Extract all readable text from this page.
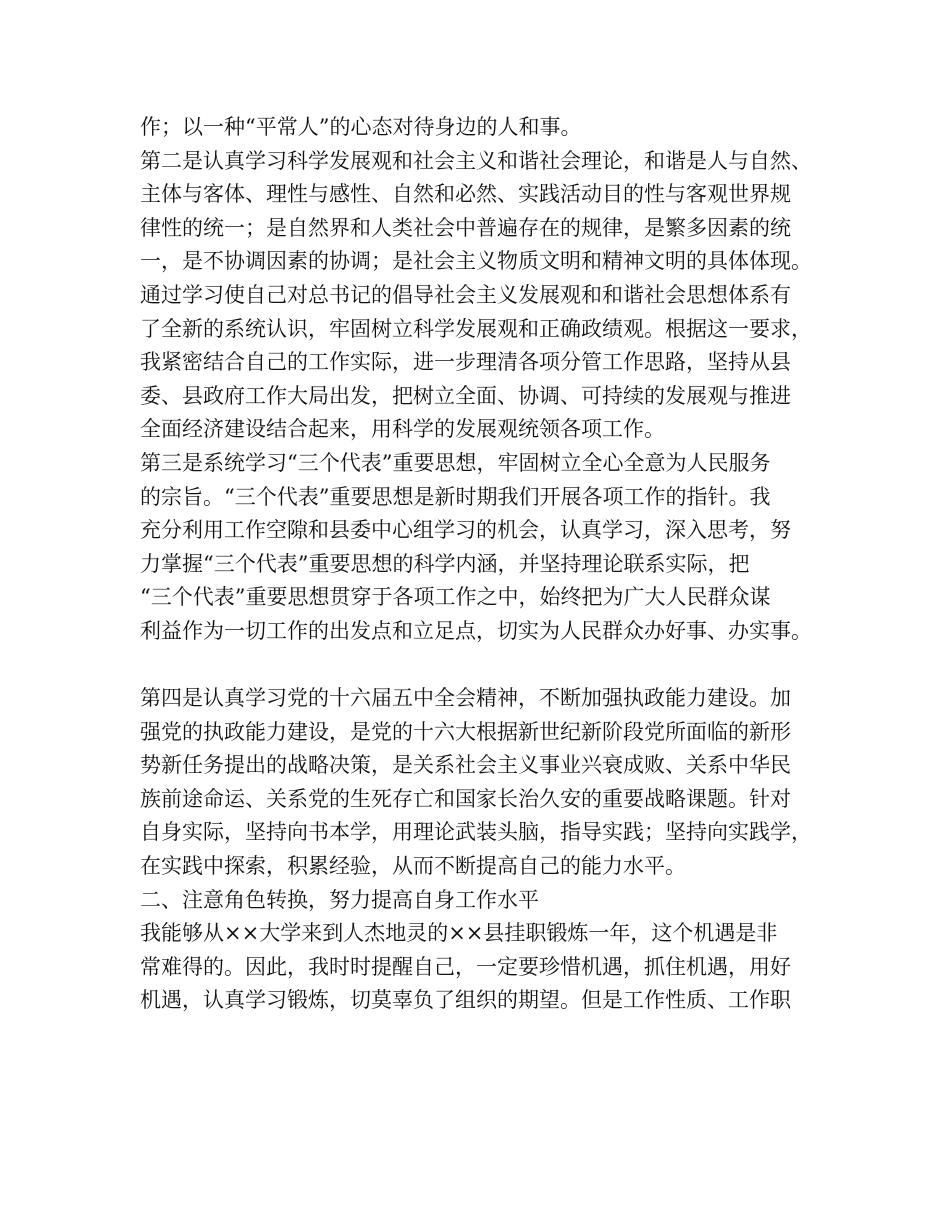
作；以一种“平常人”的心态对待身边的人和事。
第二是认真学习科学发展观和社会主义和谐社会理论，和谐是人与自然、
主体与客体、理性与感性、自然和必然、实践活动目的性与客观世界规
律性的统一；是自然界和人类社会中普遍存在的规律，是繁多因素的统
一，是不协调因素的协调；是社会主义物质文明和精神文明的具体体现。
通过学习使自己对总书记的倡导社会主义发展观和和谐社会思想体系有
了全新的系统认识，牢固树立科学发展观和正确政绩观。根据这一要求，
我紧密结合自己的工作实际，进一步理清各项分管工作思路，坚持从县
委、县政府工作大局出发，把树立全面、协调、可持续的发展观与推进
全面经济建设结合起来，用科学的发展观统领各项工作。
第三是系统学习“三个代表”重要思想，牢固树立全心全意为人民服务
的宗旨。“三个代表”重要思想是新时期我们开展各项工作的指针。我
充分利用工作空隙和县委中心组学习的机会，认真学习，深入思考，努
力掌握“三个代表”重要思想的科学内涵，并坚持理论联系实际，把
“三个代表”重要思想贯穿于各项工作之中，始终把为广大人民群众谋
利益作为一切工作的出发点和立足点，切实为人民群众办好事、办实事。
第四是认真学习党的十六届五中全会精神，不断加强执政能力建设。加
强党的执政能力建设，是党的十六大根据新世纪新阶段党所面临的新形
势新任务提出的战略决策，是关系社会主义事业兴衰成败、关系中华民
族前途命运、关系党的生死存亡和国家长治久安的重要战略课题。针对
自身实际，坚持向书本学，用理论武装头脑，指导实践；坚持向实践学，
在实践中探索，积累经验，从而不断提高自己的能力水平。
二、注意角色转换，努力提高自身工作水平
我能够从××大学来到人杰地灵的××县挂职锻炼一年，这个机遇是非
常难得的。因此，我时时提醒自己，一定要珍惜机遇，抓住机遇，用好
机遇，认真学习锻炼，切莫辜负了组织的期望。但是工作性质、工作职
